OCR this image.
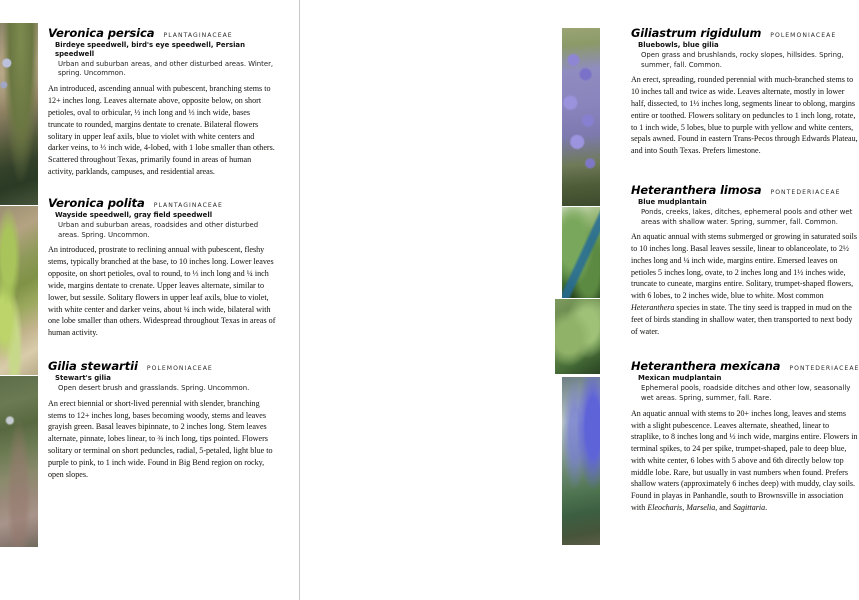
Veronica persica PLANTAGINACEAE
Birdeye speedwell, bird's eye speedwell, Persian speedwell
Urban and suburban areas, and other disturbed areas. Winter, spring. Uncommon.

An introduced, ascending annual with pubescent, branching stems to 12+ inches long. Leaves alternate above, opposite below, on short petioles, oval to orbicular, ½ inch long and ⅓ inch wide, bases truncate to rounded, margins dentate to crenate. Bilateral flowers solitary in upper leaf axils, blue to violet with white centers and darker veins, to ⅓ inch wide, 4-lobed, with 1 lobe smaller than others. Scattered throughout Texas, primarily found in areas of human activity, parklands, campuses, and residential areas.

Veronica polita PLANTAGINACEAE
Wayside speedwell, gray field speedwell
Urban and suburban areas, roadsides and other disturbed areas. Spring. Uncommon.

An introduced, prostrate to reclining annual with pubescent, fleshy stems, typically branched at the base, to 10 inches long. Lower leaves opposite, on short petioles, oval to round, to ⅓ inch long and ¼ inch wide, margins dentate to crenate. Upper leaves alternate, similar to lower, but sessile. Solitary flowers in upper leaf axils, blue to violet, with white center and darker veins, about ¼ inch wide, bilateral with one lobe smaller than others. Widespread throughout Texas in areas of human activity.

Gilia stewartii POLEMONIACEAE
Stewart's gilia
Open desert brush and grasslands. Spring. Uncommon.

An erect biennial or short-lived perennial with slender, branching stems to 12+ inches long, bases becoming woody, stems and leaves grayish green. Basal leaves bipinnate, to 2 inches long. Stem leaves alternate, pinnate, lobes linear, to ¾ inch long, tips pointed. Flowers solitary or terminal on short peduncles, radial, 5-petaled, light blue to purple to pink, to 1 inch wide. Found in Big Bend region on rocky, open slopes.

Giliastrum rigidulum POLEMONIACEAE
Bluebowls, blue gilia
Open grass and brushlands, rocky slopes, hillsides. Spring, summer, fall. Common.

An erect, spreading, rounded perennial with much-branched stems to 10 inches tall and twice as wide. Leaves alternate, mostly in lower half, dissected, to 1½ inches long, segments linear to oblong, margins entire or toothed. Flowers solitary on peduncles to 1 inch long, rotate, to 1 inch wide, 5 lobes, blue to purple with yellow and white centers, sepals awned. Found in eastern Trans-Pecos through Edwards Plateau, and into South Texas. Prefers limestone.

Heteranthera limosa PONTEDERIACEAE
Blue mudplantain
Ponds, creeks, lakes, ditches, ephemeral pools and other wet areas with shallow water. Spring, summer, fall. Common.

An aquatic annual with stems submerged or growing in saturated soils to 10 inches long. Basal leaves sessile, linear to oblanceolate, to 2½ inches long and ¼ inch wide, margins entire. Emersed leaves on petioles 5 inches long, ovate, to 2 inches long and 1½ inches wide, truncate to cuneate, margins entire. Solitary, trumpet-shaped flowers, with 6 lobes, to 2 inches wide, blue to white. Most common Heteranthera species in state. The tiny seed is trapped in mud on the feet of birds standing in shallow water, then transported to next body of water.

Heteranthera mexicana PONTEDERIACEAE
Mexican mudplantain
Ephemeral pools, roadside ditches and other low, seasonally wet areas. Spring, summer, fall. Rare.

An aquatic annual with stems to 20+ inches long, leaves and stems with a slight pubescence. Leaves alternate, sheathed, linear to straplike, to 8 inches long and ½ inch wide, margins entire. Flowers in terminal spikes, to 24 per spike, trumpet-shaped, pale to deep blue, with white center, 6 lobes with 5 above and 6th directly below top middle lobe. Rare, but usually in vast numbers when found. Prefers shallow waters (approximately 6 inches deep) with muddy, clay soils. Found in playas in Panhandle, south to Brownsville in association with Eleocharis, Marselia, and Sagittaria.
